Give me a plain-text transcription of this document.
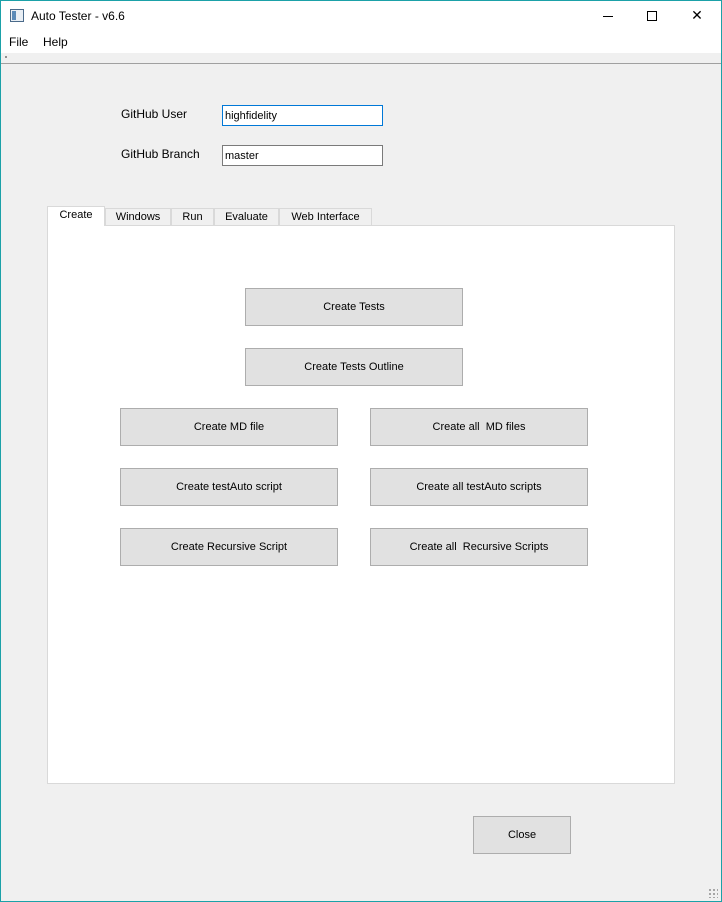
Auto Tester - v6.6	✕
File Help
GitHub User
highfidelity
GitHub Branch
master
Create	Windows	Run	Evaluate	Web Interface
Create Tests
Create Tests Outline
Create MD file	Create all  MD files
Create testAuto script	Create all testAuto scripts
Create Recursive Script	Create all  Recursive Scripts
Close
